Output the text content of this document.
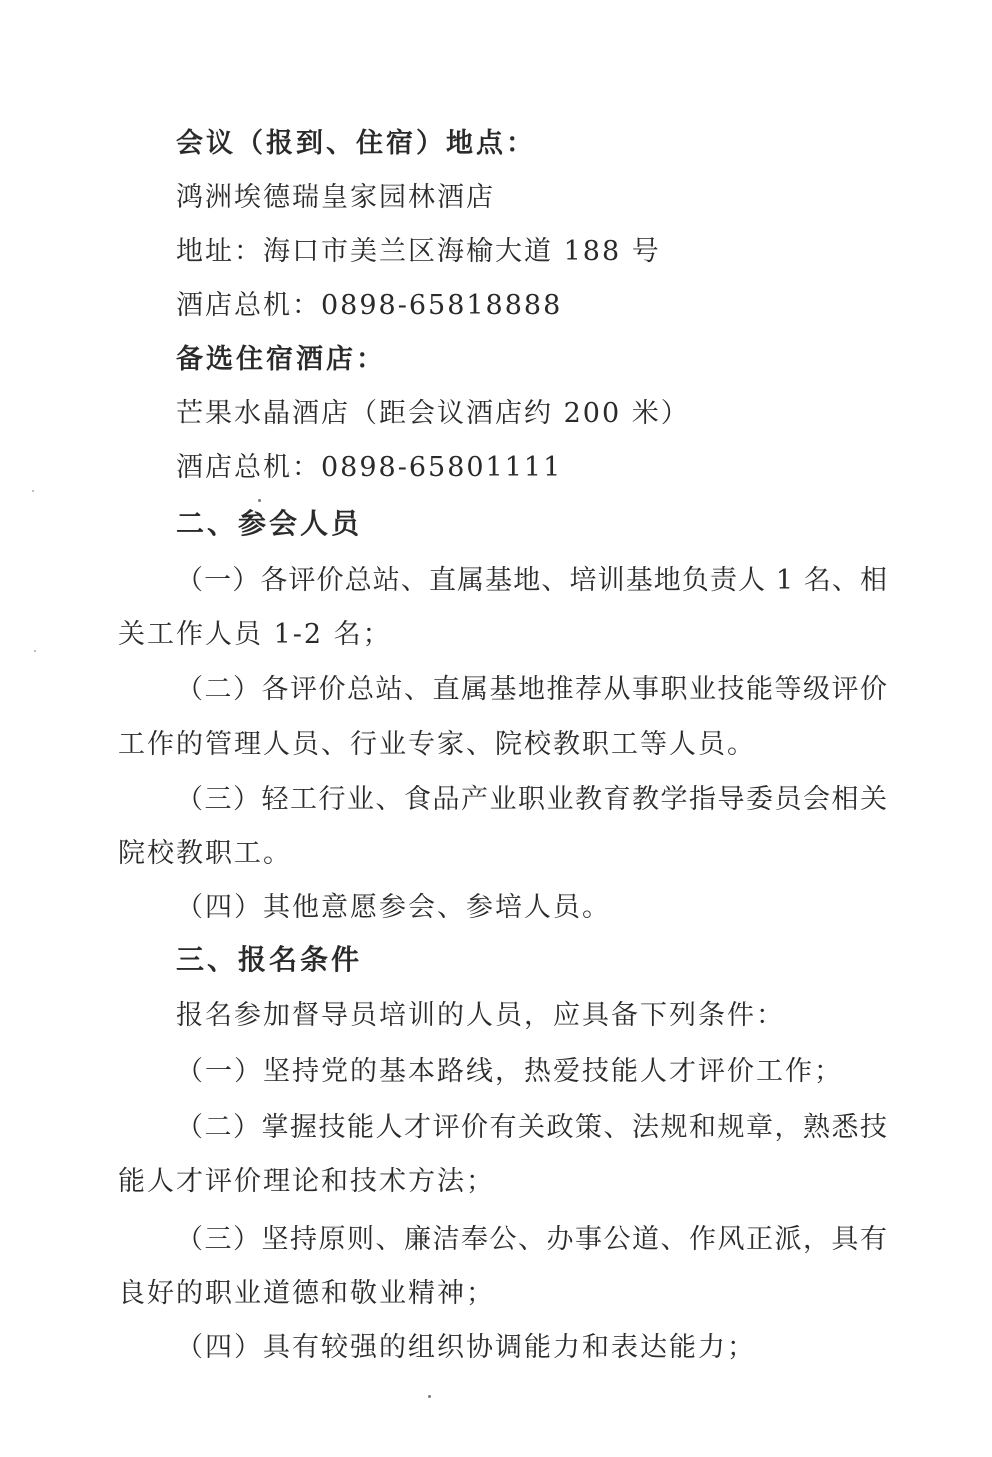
会议（报到、住宿）地点：
鸿洲埃德瑞皇家园林酒店
地址：海口市美兰区海榆大道 188 号
酒店总机：0898-65818888
备选住宿酒店：
芒果水晶酒店（距会议酒店约 200 米）
酒店总机：0898-65801111
二、参会人员
（一）各评价总站、直属基地、培训基地负责人 1 名、相
关工作人员 1-2 名；
（二）各评价总站、直属基地推荐从事职业技能等级评价
工作的管理人员、行业专家、院校教职工等人员。
（三）轻工行业、食品产业职业教育教学指导委员会相关
院校教职工。
（四）其他意愿参会、参培人员。
三、报名条件
报名参加督导员培训的人员，应具备下列条件：
（一）坚持党的基本路线，热爱技能人才评价工作；
（二）掌握技能人才评价有关政策、法规和规章，熟悉技
能人才评价理论和技术方法；
（三）坚持原则、廉洁奉公、办事公道、作风正派，具有
良好的职业道德和敬业精神；
（四）具有较强的组织协调能力和表达能力；
